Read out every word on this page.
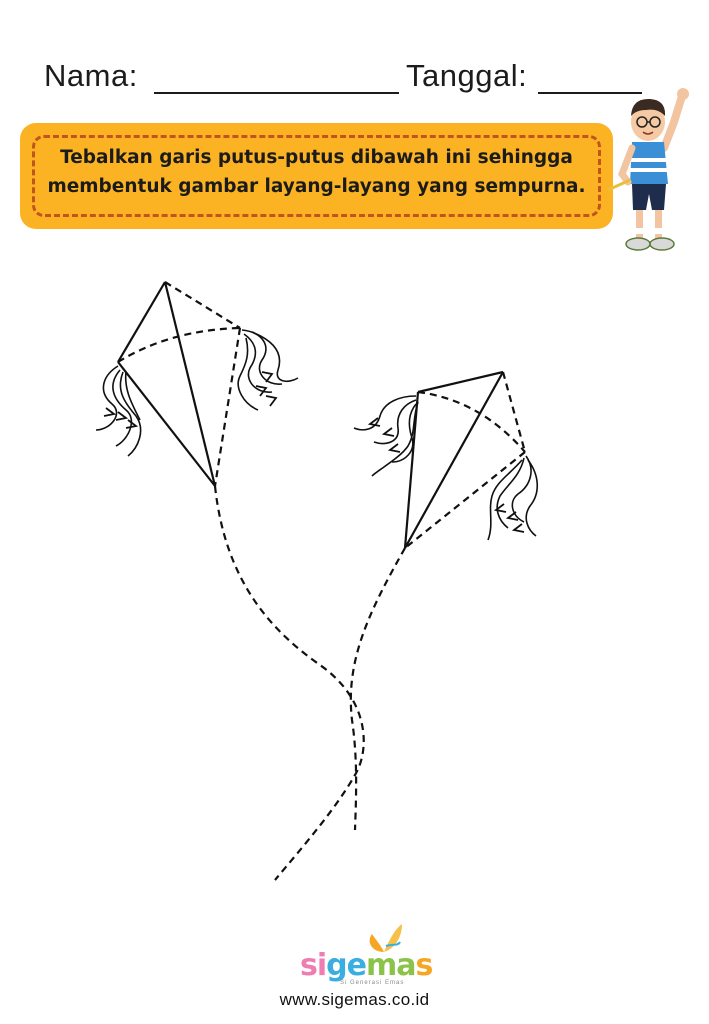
Nama:	Tanggal:
Tebalkan garis putus-putus dibawah ini sehingga
membentuk gambar layang-layang yang sempurna.
sigemas
Si Generasi Emas
www.sigemas.co.id
